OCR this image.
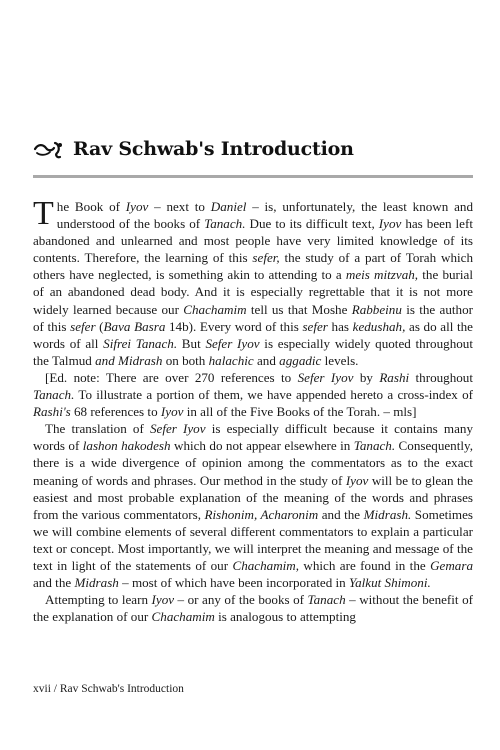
Rav Schwab's Introduction

T he Book of Iyov – next to Daniel – is, unfortunately, the least known and understood of the books of Tanach. Due to its difficult text, Iyov has been left abandoned and unlearned and most people have very limited knowledge of its contents. Therefore, the learning of this sefer, the study of a part of Torah which others have neglected, is something akin to attending to a meis mitzvah, the burial of an abandoned dead body. And it is especially regrettable that it is not more widely learned because our Chachamim tell us that Moshe Rabbeinu is the author of this sefer (Bava Basra 14b). Every word of this sefer has kedushah, as do all the words of all Sifrei Tanach. But Sefer Iyov is especially widely quoted throughout the Talmud and Midrash on both halachic and aggadic levels.

[Ed. note: There are over 270 references to Sefer Iyov by Rashi throughout Tanach. To illustrate a portion of them, we have appended hereto a cross-index of Rashi's 68 references to Iyov in all of the Five Books of the Torah. – mls]

The translation of Sefer Iyov is especially difficult because it contains many words of lashon hakodesh which do not appear elsewhere in Tanach. Consequently, there is a wide divergence of opinion among the commentators as to the exact meaning of words and phrases. Our method in the study of Iyov will be to glean the easiest and most probable explanation of the meaning of the words and phrases from the various commentators, Rishonim, Acharonim and the Midrash. Sometimes we will combine elements of several different commentators to explain a particular text or concept. Most importantly, we will interpret the meaning and message of the text in light of the statements of our Chachamim, which are found in the Gemara and the Midrash – most of which have been incorporated in Yalkut Shimoni.

Attempting to learn Iyov – or any of the books of Tanach – without the benefit of the explanation of our Chachamim is analogous to attempting

xvii / Rav Schwab's Introduction
